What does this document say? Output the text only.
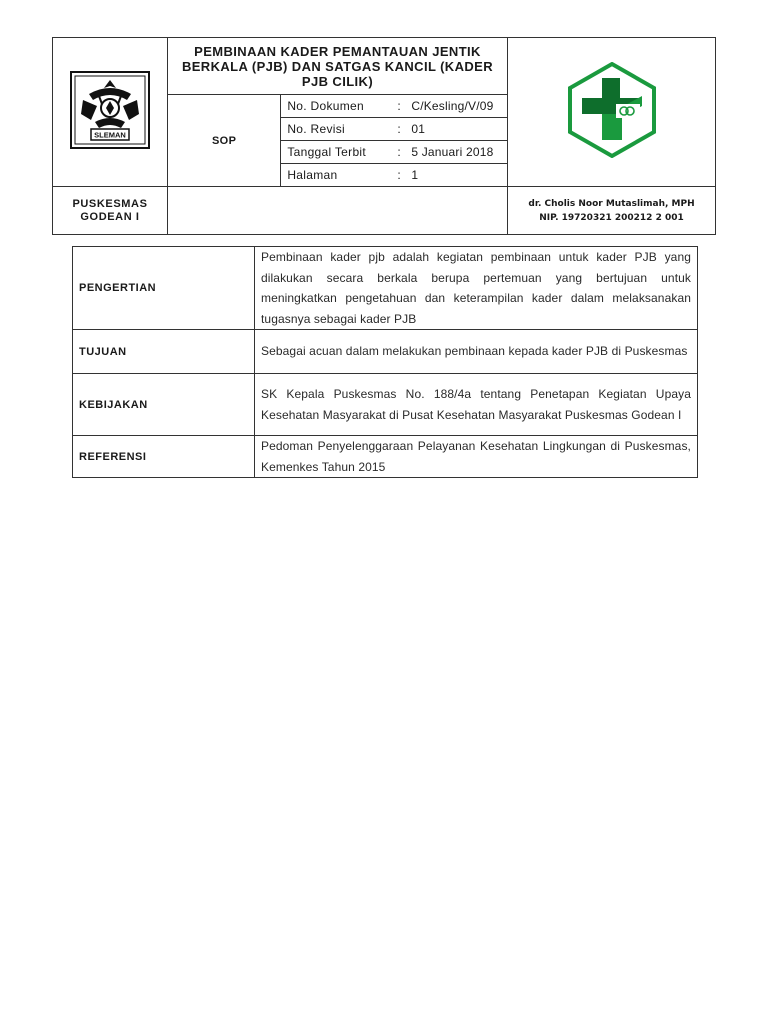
SLEMAN
	PEMBINAAN KADER PEMANTAUAN JENTIK BERKALA (PJB) DAN SATGAS KANCIL (KADER PJB CILIK)	
SOP	
No. Dokumen	:	C/Kesling/V/09
No. Revisi	:	01
Tanggal Terbit	:	5 Januari 2018
Halaman	:	1

PUSKESMAS GODEAN I

dr. Cholis Noor Mutaslimah, MPH
NIP. 19720321 200212 2 001
PENGERTIAN	Pembinaan kader pjb adalah kegiatan pembinaan untuk kader PJB yang dilakukan secara berkala berupa pertemuan yang bertujuan untuk meningkatkan pengetahuan dan keterampilan kader dalam melaksanakan tugasnya sebagai kader PJB
TUJUAN	Sebagai acuan dalam melakukan pembinaan kepada kader PJB di Puskesmas
KEBIJAKAN	SK Kepala Puskesmas No. 188/4a tentang Penetapan Kegiatan Upaya Kesehatan Masyarakat di Pusat Kesehatan Masyarakat Puskesmas Godean I
REFERENSI	Pedoman Penyelenggaraan Pelayanan Kesehatan Lingkungan di Puskesmas, Kemenkes Tahun 2015
